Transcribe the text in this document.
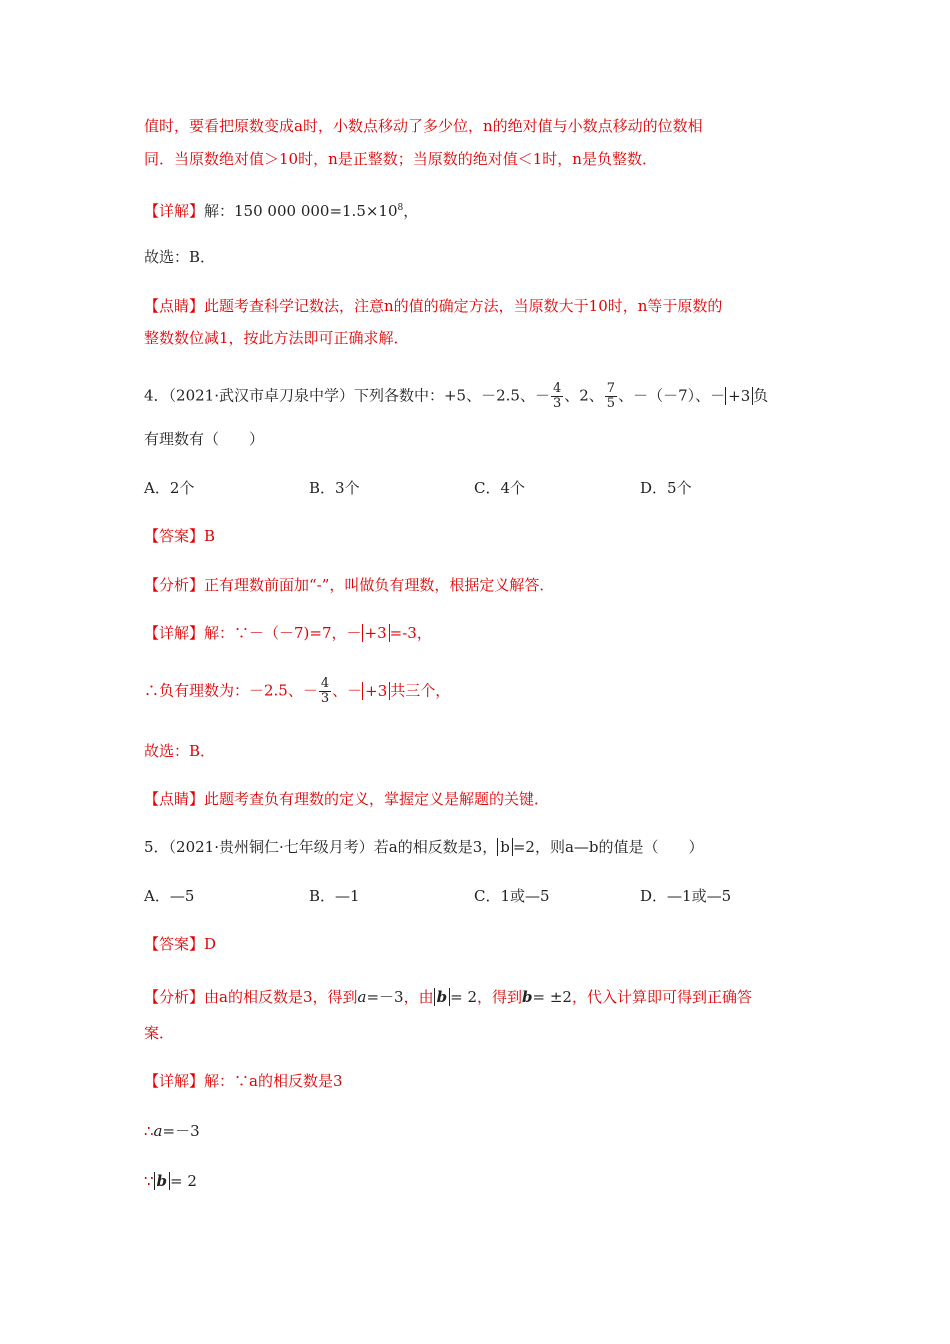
值时，要看把原数变成a时，小数点移动了多少位，n的绝对值与小数点移动的位数相
同．当原数绝对值＞10时，n是正整数；当原数的绝对值＜1时，n是负整数．
【详解】解：150 000 $000=1.5\times 10^8$，
故选：B．
【点睛】此题考查科学记数法，注意n的值的确定方法，当原数大于10时，n等于原数的
整数数位减1，按此方法即可正确求解．
4．（2021·武汉市卓刀泉中学）下列各数中：+5、－2.5、－ $\frac{4}{3}$ 、2、 $\frac{7}{5}$ 、－（－7）、－ +3 负
有理数有（　　）
A．2个	B．3个	C．4个	D．5个
【答案】B
【分析】正有理数前面加“-”，叫做负有理数，根据定义解答．
【详解】解：∵－（－7)=7，－ +3 =-3，
∴负有理数为：－2.5、－ $\frac{4}{3}$ 、－ +3 共三个，
故选：B．
【点睛】此题考查负有理数的定义，掌握定义是解题的关键．
5．（2021·贵州铜仁·七年级月考）若a的相反数是3， b =2，则a—b的值是（　　）
A．—5	B．—1	C．1或—5	D．—1或—5
【答案】D
【分析】由a的相反数是3，得到a=－3，由 b = 2，得到b= ±2，代入计算即可得到正确答
案．
【详解】解：∵a的相反数是3
∴a=－3
∵ b = 2
